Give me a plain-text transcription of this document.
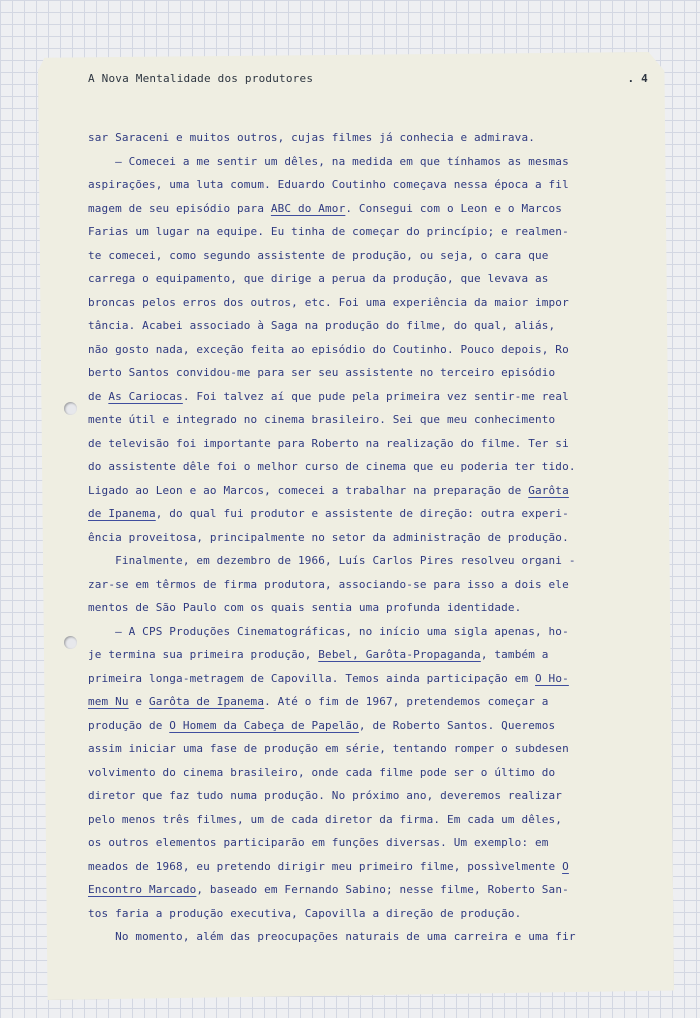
A Nova Mentalidade dos produtores	. 4
sar Saraceni e muitos outros, cujas filmes já conhecia e admirava.
— Comecei a me sentir um dêles, na medida em que tínhamos as mesmas
aspirações, uma luta comum. Eduardo Coutinho começava nessa época a fil
magem de seu episódio para ABC do Amor. Consegui com o Leon e o Marcos
Farias um lugar na equipe. Eu tinha de começar do princípio; e realmen-
te comecei, como segundo assistente de produção, ou seja, o cara que
carrega o equipamento, que dirige a perua da produção, que levava as
broncas pelos erros dos outros, etc. Foi uma experiência da maior impor
tância. Acabei associado à Saga na produção do filme, do qual, aliás,
não gosto nada, exceção feita ao episódio do Coutinho. Pouco depois, Ro
berto Santos convidou-me para ser seu assistente no terceiro episódio
de As Cariocas. Foi talvez aí que pude pela primeira vez sentir-me real
mente útil e integrado no cinema brasileiro. Sei que meu conhecimento
de televisão foi importante para Roberto na realização do filme. Ter si
do assistente dêle foi o melhor curso de cinema que eu poderia ter tido.
Ligado ao Leon e ao Marcos, comecei a trabalhar na preparação de Garôta
de Ipanema, do qual fui produtor e assistente de direção: outra experi-
ência proveitosa, principalmente no setor da administração de produção.
Finalmente, em dezembro de 1966, Luís Carlos Pires resolveu organi -
zar-se em têrmos de firma produtora, associando-se para isso a dois ele
mentos de São Paulo com os quais sentia uma profunda identidade.
— A CPS Produções Cinematográficas, no início uma sigla apenas, ho-
je termina sua primeira produção, Bebel, Garôta-Propaganda, também a
primeira longa-metragem de Capovilla. Temos ainda participação em O Ho-
mem Nu e Garôta de Ipanema. Até o fim de 1967, pretendemos começar a
produção de O Homem da Cabeça de Papelão, de Roberto Santos. Queremos
assim iniciar uma fase de produção em série, tentando romper o subdesen
volvimento do cinema brasileiro, onde cada filme pode ser o último do
diretor que faz tudo numa produção. No próximo ano, deveremos realizar
pelo menos três filmes, um de cada diretor da firma. Em cada um dêles,
os outros elementos participarão em funções diversas. Um exemplo: em
meados de 1968, eu pretendo dirigir meu primeiro filme, possìvelmente O
Encontro Marcado, baseado em Fernando Sabino; nesse filme, Roberto San-
tos faria a produção executiva, Capovilla a direção de produção.
No momento, além das preocupações naturais de uma carreira e uma fir
